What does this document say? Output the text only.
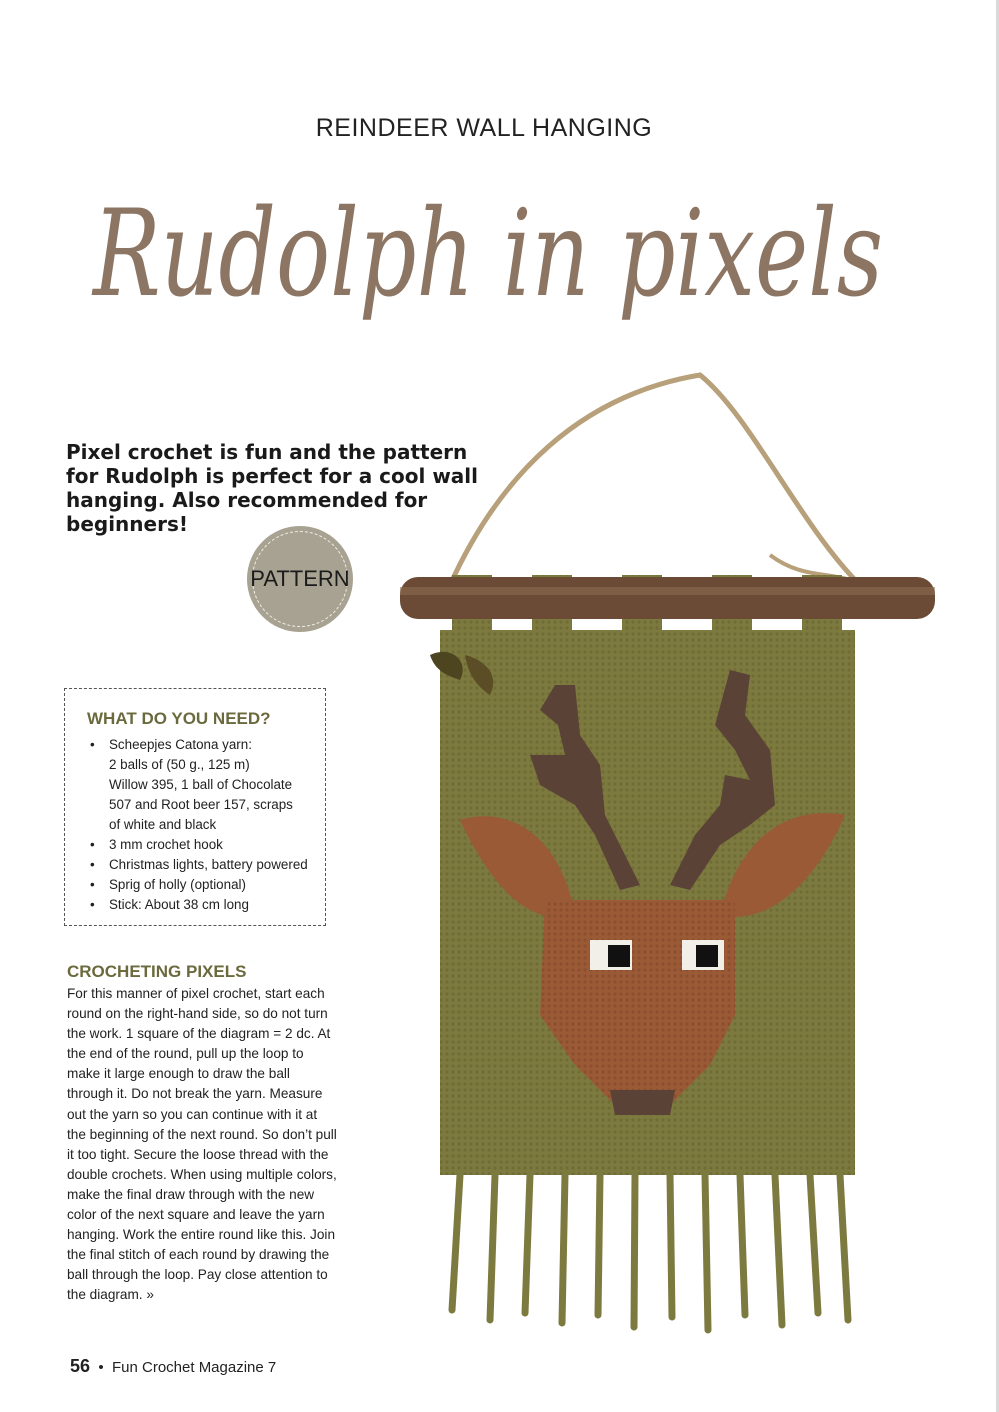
REINDEER WALL HANGING
Rudolph in pixels

Pixel crochet is fun and the pattern for Rudolph is perfect for a cool wall hanging. Also recommended for beginners!

PATTERN
WHAT DO YOU NEED?
• Scheepjes Catona yarn:
2 balls of (50 g., 125 m)
Willow 395, 1 ball of Chocolate
507 and Root beer 157, scraps
of white and black
• 3 mm crochet hook
• Christmas lights, battery powered
• Sprig of holly (optional)
• Stick: About 38 cm long
CROCHETING PIXELS

For this manner of pixel crochet, start each round on the right-hand side, so do not turn the work. 1 square of the diagram = 2 dc. At the end of the round, pull up the loop to make it large enough to draw the ball through it. Do not break the yarn. Measure out the yarn so you can continue with it at the beginning of the next round. So don’t pull it too tight. Secure the loose thread with the double crochets. When using multiple colors, make the final draw through with the new color of the next square and leave the yarn hanging. Work the entire round like this. Join the final stitch of each round by drawing the ball through the loop. Pay close attention to the diagram. »

56 • Fun Crochet Magazine 7
